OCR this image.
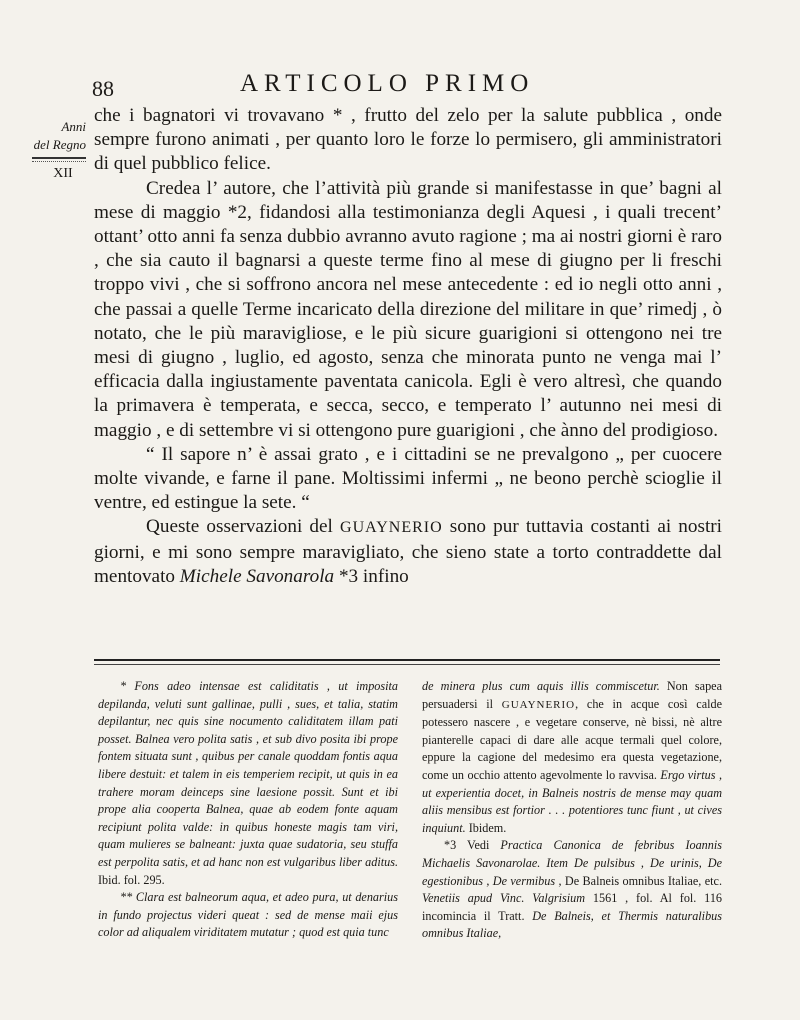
88	ARTICOLO PRIMO
Anni
del Regno
XII

che i bagnatori vi trovavano * , frutto del zelo per la salute pubblica , onde sempre furono animati , per quanto loro le forze lo permisero, gli amministratori di quel pubblico felice.

Credea l’ autore, che l’attività più grande si manifestasse in que’ bagni al mese di maggio *2, fidandosi alla testimonianza degli Aquesi , i quali trecent’ ottant’ otto anni fa senza dubbio avranno avuto ragione ; ma ai nostri giorni è raro , che sia cauto il bagnarsi a queste terme fino al mese di giugno per li freschi troppo vivi , che si soffrono ancora nel mese antecedente : ed io negli otto anni , che passai a quelle Terme incaricato della direzione del militare in que’ rimedj , ò notato, che le più maravigliose, e le più sicure guarigioni si ottengono nei tre mesi di giugno , luglio, ed agosto, senza che minorata punto ne venga mai l’ efficacia dalla ingiustamente paventata canicola. Egli è vero altresì, che quando la primavera è temperata, e secca, secco, e temperato l’ autunno nei mesi di maggio , e di settembre vi si ottengono pure guarigioni , che ànno del prodigioso.

“ Il sapore n’ è assai grato , e i cittadini se ne prevalgono „ per cuocere molte vivande, e farne il pane. Moltissimi infermi „ ne beono perchè scioglie il ventre, ed estingue la sete. “

Queste osservazioni del GUAYNERIO sono pur tuttavia costanti ai nostri giorni, e mi sono sempre maravigliato, che sieno state a torto contraddette dal mentovato Michele Savonarola *3 infino

* Fons adeo intensae est caliditatis , ut imposita depilanda, veluti sunt gallinae, pulli , sues, et talia, statim depilantur, nec quis sine nocumento caliditatem illam pati posset. Balnea vero polita satis , et sub divo posita ibi prope fontem situata sunt , quibus per canale quoddam fontis aqua libere destuit: et talem in eis temperiem recipit, ut quis in ea trahere moram deinceps sine laesione possit. Sunt et ibi prope alia cooperta Balnea, quae ab eodem fonte aquam recipiunt polita valde: in quibus honeste magis tam viri, quam mulieres se balneant: juxta quae sudatoria, seu stuffa est perpolita satis, et ad hanc non est vulgaribus liber aditus. Ibid. fol. 295.

** Clara est balneorum aqua, et adeo pura, ut denarius in fundo projectus videri queat : sed de mense maii ejus color ad aliqualem viriditatem mutatur ; quod est quia tunc

de minera plus cum aquis illis commiscetur. Non sapea persuadersi il GUAYNERIO, che in acque così calde potessero nascere , e vegetare conserve, nè bissi, nè altre pianterelle capaci di dare alle acque termali quel colore, eppure la cagione del medesimo era questa vegetazione, come un occhio attento agevolmente lo ravvisa. Ergo virtus , ut experientia docet, in Balneis nostris de mense may quam aliis mensibus est fortior . . . potentiores tunc fiunt , ut cives inquiunt. Ibidem.

*3 Vedi Practica Canonica de febribus Ioannis Michaelis Savonarolae. Item De pulsibus , De urinis, De egestionibus , De vermibus , De Balneis omnibus Italiae, etc. Venetiis apud Vinc. Valgrisium 1561 , fol. Al fol. 116 incomincia il Tratt. De Balneis, et Thermis naturalibus omnibus Italiae,
